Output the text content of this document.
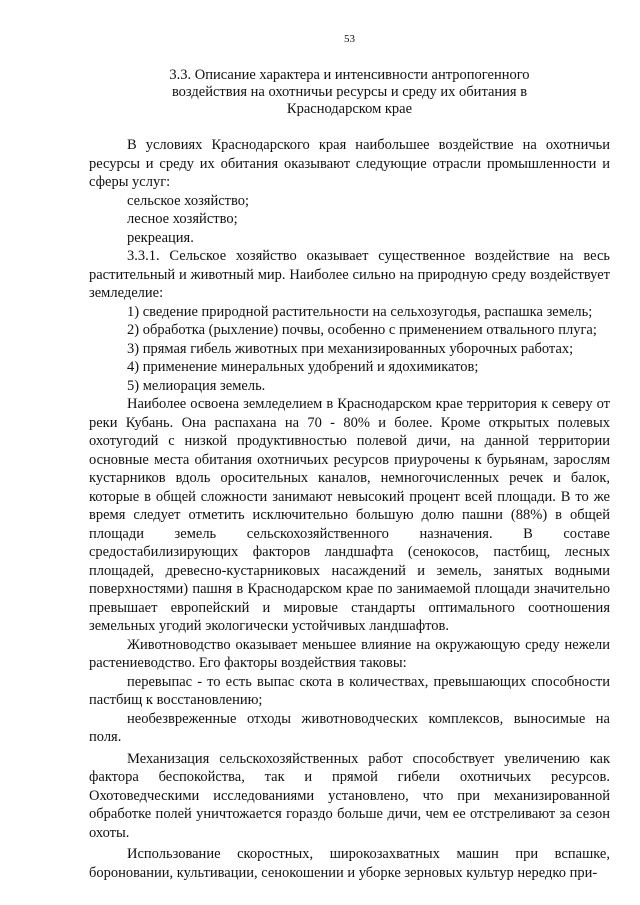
53
3.3. Описание характера и интенсивности антропогенного
воздействия на охотничьи ресурсы и среду их обитания в
Краснодарском крае

В условиях Краснодарского края наибольшее воздействие на охотничьи ресурсы и среду их обитания оказывают следующие отрасли промышленности и сферы услуг:

сельское хозяйство;

лесное хозяйство;

рекреация.

3.3.1. Сельское хозяйство оказывает существенное воздействие на весь растительный и животный мир. Наиболее сильно на природную среду воздействует земледелие:

1) сведение природной растительности на сельхозугодья, распашка земель;

2) обработка (рыхление) почвы, особенно с применением отвального плуга;

3) прямая гибель животных при механизированных уборочных работах;

4) применение минеральных удобрений и ядохимикатов;

5) мелиорация земель.

Наиболее освоена земледелием в Краснодарском крае территория к северу от реки Кубань. Она распахана на 70 - 80% и более. Кроме открытых полевых охотугодий с низкой продуктивностью полевой дичи, на данной территории основные места обитания охотничьих ресурсов приурочены к бурьянам, зарослям кустарников вдоль оросительных каналов, немногочисленных речек и балок, которые в общей сложности занимают невысокий процент всей площади. В то же время следует отметить исключительно большую долю пашни (88%) в общей площади земель сельскохозяйственного назначения. В составе средостабилизирующих факторов ландшафта (сенокосов, пастбищ, лесных площадей, древесно-кустарниковых насаждений и земель, занятых водными поверхностями) пашня в Краснодарском крае по занимаемой площади значительно превышает европейский и мировые стандарты оптимального соотношения земельных угодий экологически устойчивых ландшафтов.

Животноводство оказывает меньшее влияние на окружающую среду нежели растениеводство. Его факторы воздействия таковы:

перевыпас - то есть выпас скота в количествах, превышающих способности пастбищ к восстановлению;

необезвреженные отходы животноводческих комплексов, выносимые на поля.

Механизация сельскохозяйственных работ способствует увеличению как фактора беспокойства, так и прямой гибели охотничьих ресурсов. Охотоведческими исследованиями установлено, что при механизированной обработке полей уничтожается гораздо больше дичи, чем ее отстреливают за сезон охоты.

Использование скоростных, широкозахватных машин при вспашке, бороновании, культивации, сенокошении и уборке зерновых культур нередко при-
